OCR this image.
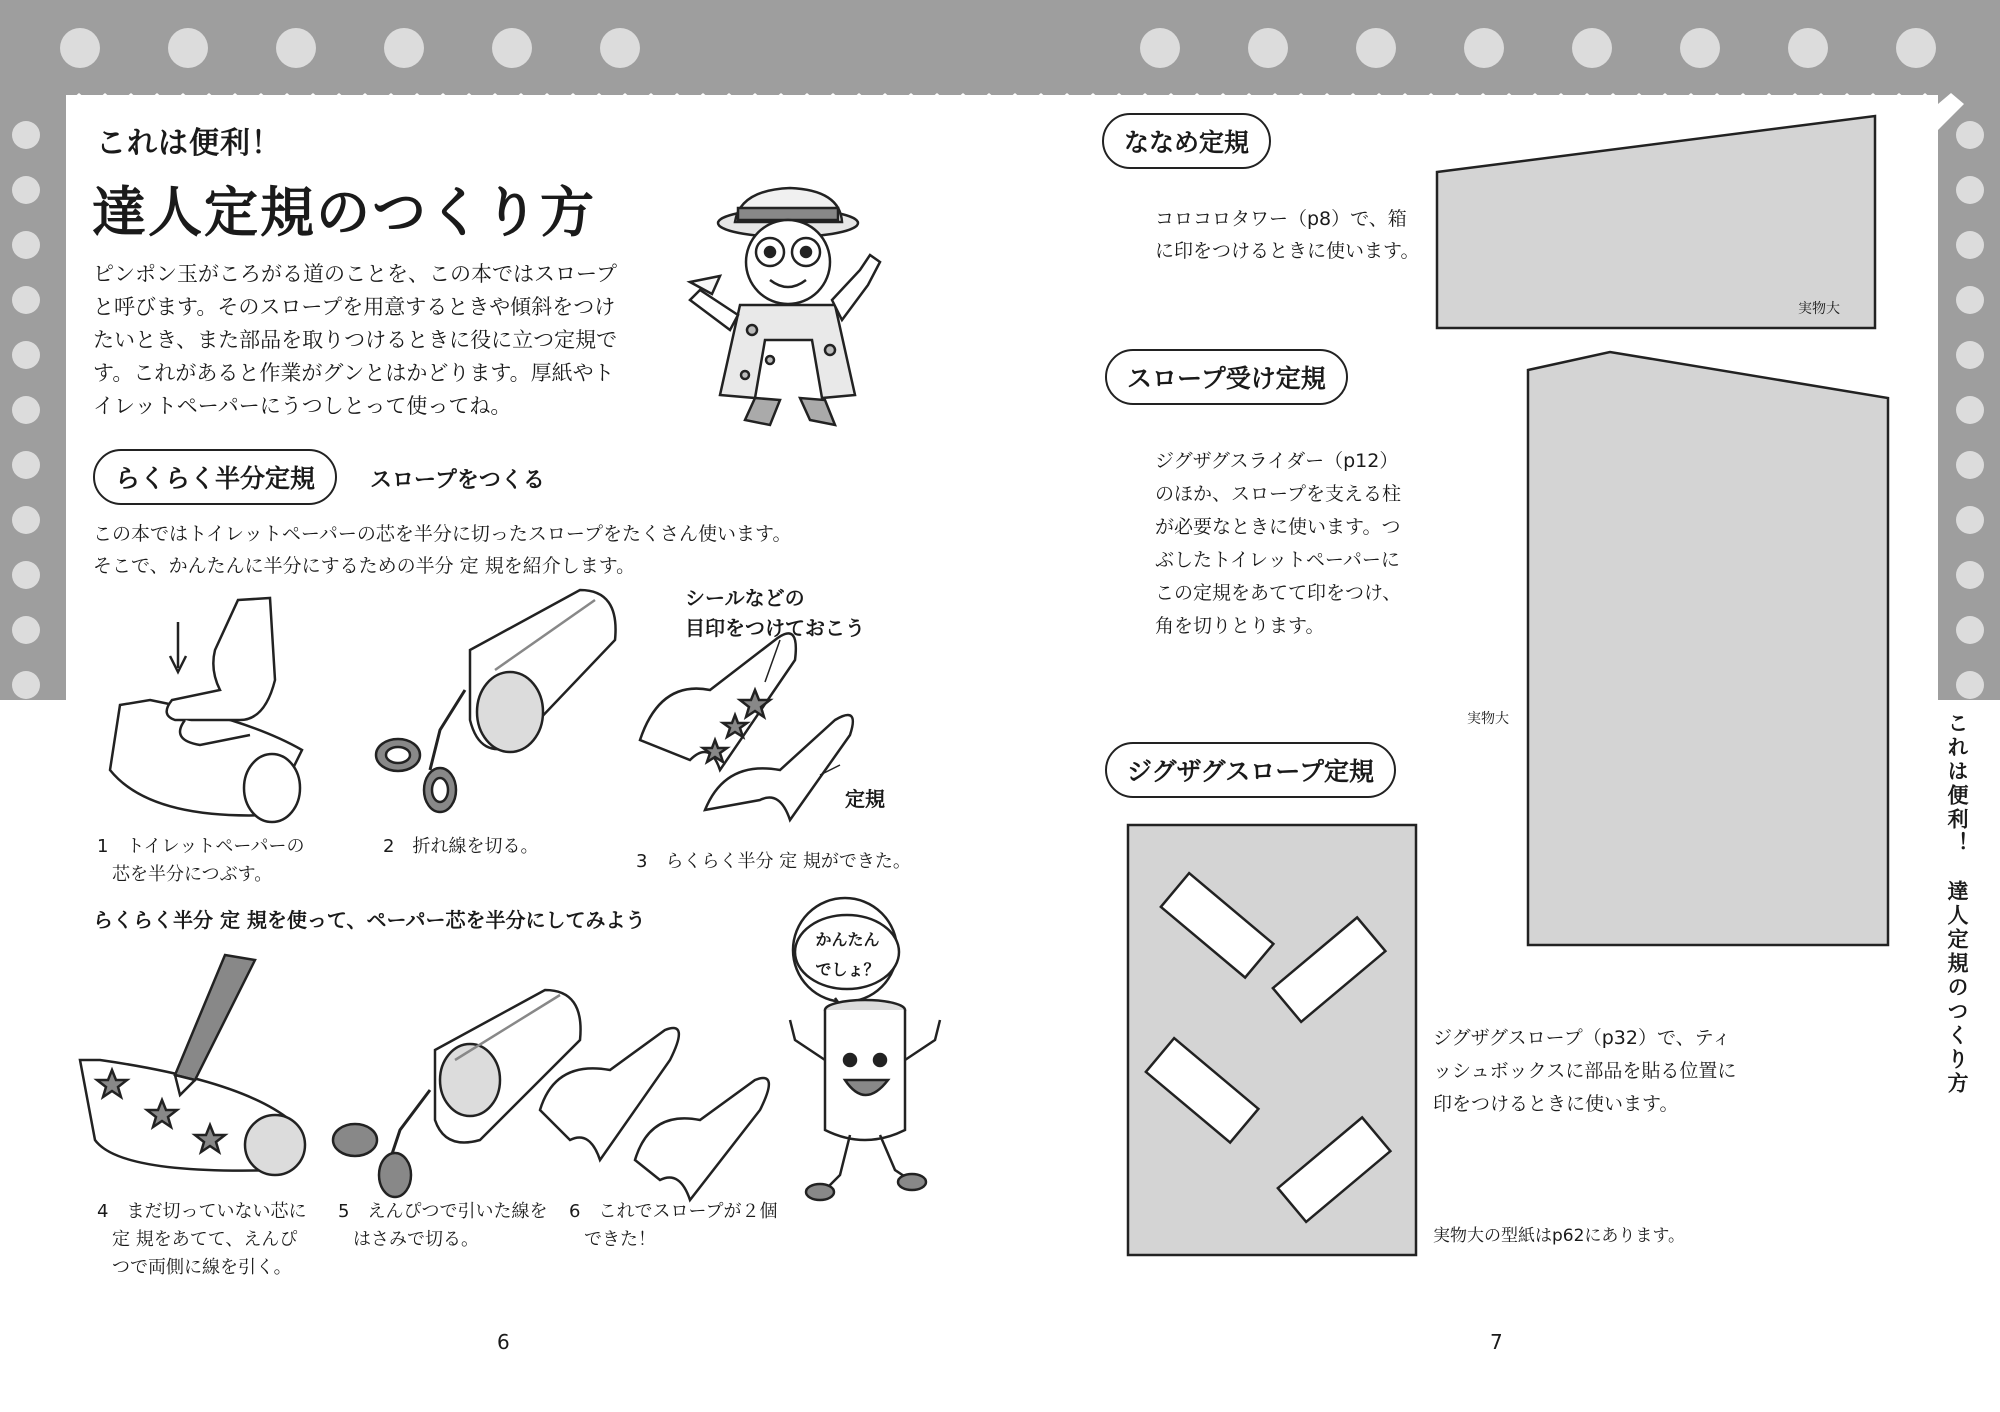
これは便利！
達人定規のつくり方
ピンポン玉がころがる道のことを、この本ではスロープ
と呼びます。そのスロープを用意するときや傾斜をつけ
たいとき、また部品を取りつけるときに役に立つ定規で
す。これがあると作業がグンとはかどります。厚紙やト
イレットペーパーにうつしとって使ってね。
らくらく半分定規	スロープをつくる
この本ではトイレットペーパーの芯を半分に切ったスロープをたくさん使います。
そこで、かんたんに半分にするための半分 定 規を紹介します。
シールなどの
目印をつけておこう
定規
1　トイレットペーパーの
芯を半分につぶす。
2　折れ線を切る。
3　らくらく半分 定 規ができた。
らくらく半分 定 規を使って、ペーパー芯を半分にしてみよう
かんたん
でしょ？
4　まだ切っていない芯に
定 規をあてて、えんぴ
つで両側に線を引く。
5　えんぴつで引いた線を
はさみで切る。
6　これでスロープが２個
できた！
6
ななめ定規
コロコロタワー（p8）で、箱
に印をつけるときに使います。
実物大
スロープ受け定規
ジグザグスライダー（p12）
のほか、スロープを支える柱
が必要なときに使います。つ
ぶしたトイレットペーパーに
この定規をあてて印をつけ、
角を切りとります。
実物大
ジグザグスロープ定規
ジグザグスロープ（p32）で、ティ
ッシュボックスに部品を貼る位置に
印をつけるときに使います。
実物大の型紙はp62にあります。
これは便利！　達人定規のつくり方
7
